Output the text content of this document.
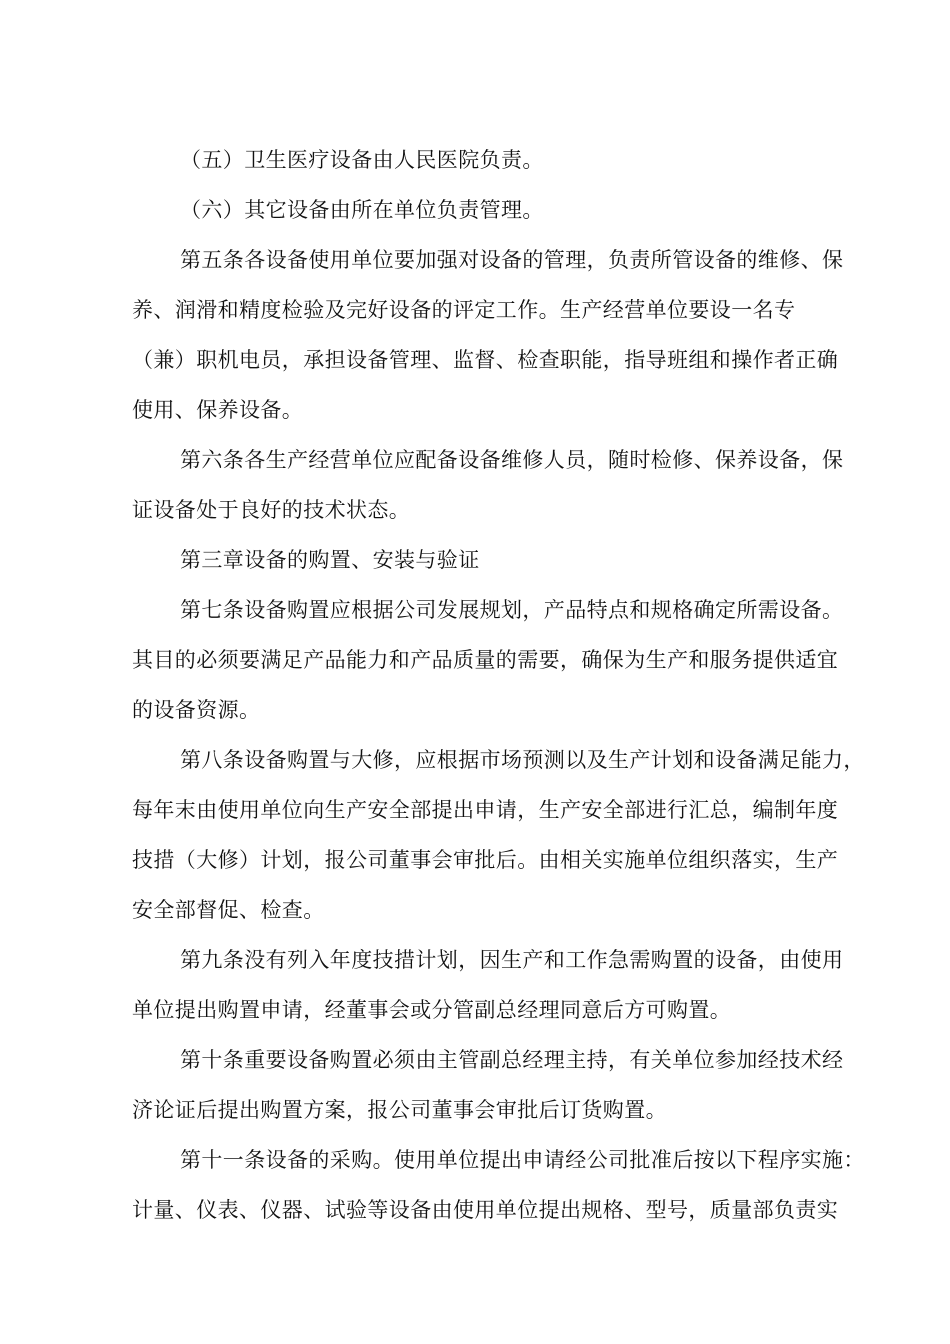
（五）卫生医疗设备由人民医院负责。

（六）其它设备由所在单位负责管理。

第五条各设备使用单位要加强对设备的管理，负责所管设备的维修、保
养、润滑和精度检验及完好设备的评定工作。生产经营单位要设一名专
（兼）职机电员，承担设备管理、监督、检查职能，指导班组和操作者正确
使用、保养设备。

第六条各生产经营单位应配备设备维修人员，随时检修、保养设备，保
证设备处于良好的技术状态。

第三章设备的购置、安装与验证

第七条设备购置应根据公司发展规划，产品特点和规格确定所需设备。
其目的必须要满足产品能力和产品质量的需要，确保为生产和服务提供适宜
的设备资源。

第八条设备购置与大修，应根据市场预测以及生产计划和设备满足能力，
每年末由使用单位向生产安全部提出申请，生产安全部进行汇总，编制年度
技措（大修）计划，报公司董事会审批后。由相关实施单位组织落实，生产
安全部督促、检查。

第九条没有列入年度技措计划，因生产和工作急需购置的设备，由使用
单位提出购置申请，经董事会或分管副总经理同意后方可购置。

第十条重要设备购置必须由主管副总经理主持，有关单位参加经技术经
济论证后提出购置方案，报公司董事会审批后订货购置。

第十一条设备的采购。使用单位提出申请经公司批准后按以下程序实施：
计量、仪表、仪器、试验等设备由使用单位提出规格、型号，质量部负责实
